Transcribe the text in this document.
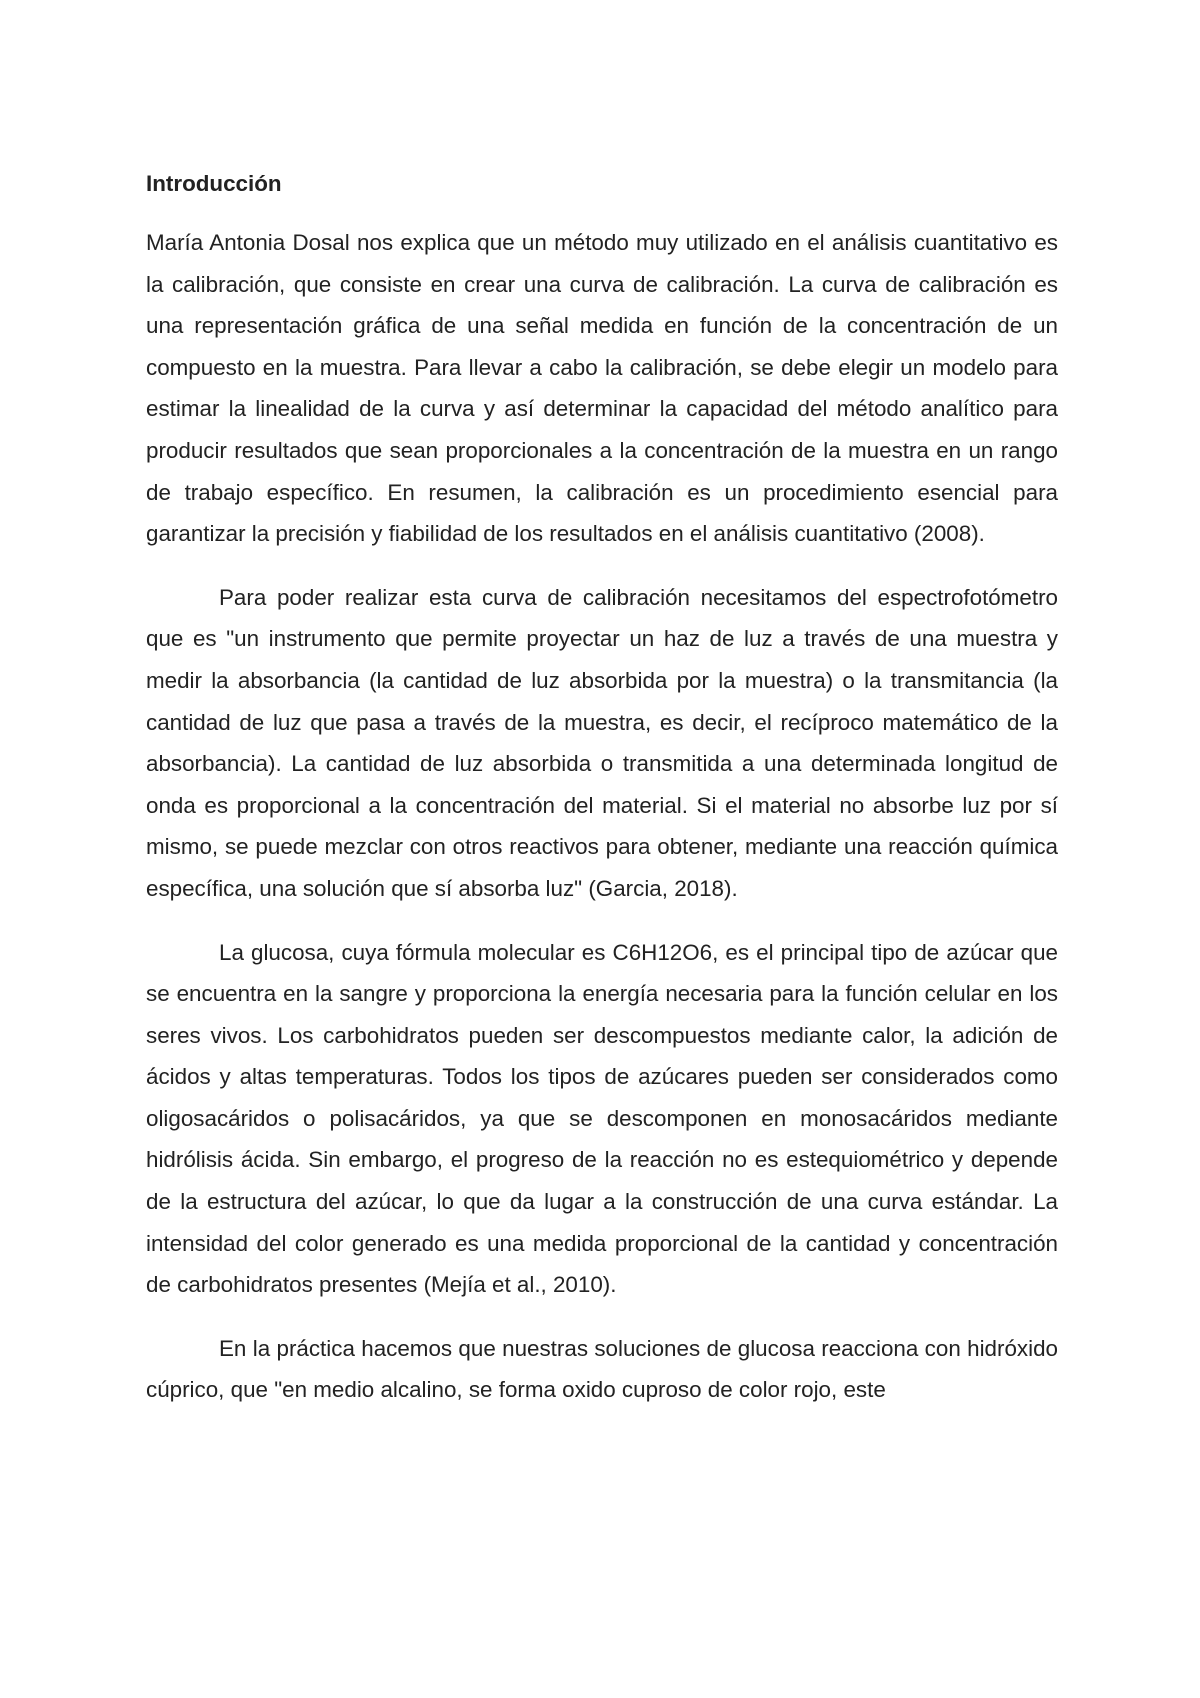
Introducción

María Antonia Dosal nos explica que un método muy utilizado en el análisis cuantitativo es la calibración, que consiste en crear una curva de calibración. La curva de calibración es una representación gráfica de una señal medida en función de la concentración de un compuesto en la muestra. Para llevar a cabo la calibración, se debe elegir un modelo para estimar la linealidad de la curva y así determinar la capacidad del método analítico para producir resultados que sean proporcionales a la concentración de la muestra en un rango de trabajo específico. En resumen, la calibración es un procedimiento esencial para garantizar la precisión y fiabilidad de los resultados en el análisis cuantitativo (2008).

Para poder realizar esta curva de calibración necesitamos del espectrofotómetro que es "un instrumento que permite proyectar un haz de luz a través de una muestra y medir la absorbancia (la cantidad de luz absorbida por la muestra) o la transmitancia (la cantidad de luz que pasa a través de la muestra, es decir, el recíproco matemático de la absorbancia). La cantidad de luz absorbida o transmitida a una determinada longitud de onda es proporcional a la concentración del material. Si el material no absorbe luz por sí mismo, se puede mezclar con otros reactivos para obtener, mediante una reacción química específica, una solución que sí absorba luz" (Garcia, 2018).

La glucosa, cuya fórmula molecular es C6H12O6, es el principal tipo de azúcar que se encuentra en la sangre y proporciona la energía necesaria para la función celular en los seres vivos. Los carbohidratos pueden ser descompuestos mediante calor, la adición de ácidos y altas temperaturas. Todos los tipos de azúcares pueden ser considerados como oligosacáridos o polisacáridos, ya que se descomponen en monosacáridos mediante hidrólisis ácida. Sin embargo, el progreso de la reacción no es estequiométrico y depende de la estructura del azúcar, lo que da lugar a la construcción de una curva estándar. La intensidad del color generado es una medida proporcional de la cantidad y concentración de carbohidratos presentes (Mejía et al., 2010).

En la práctica hacemos que nuestras soluciones de glucosa reacciona con hidróxido cúprico, que "en medio alcalino, se forma oxido cuproso de color rojo, este
